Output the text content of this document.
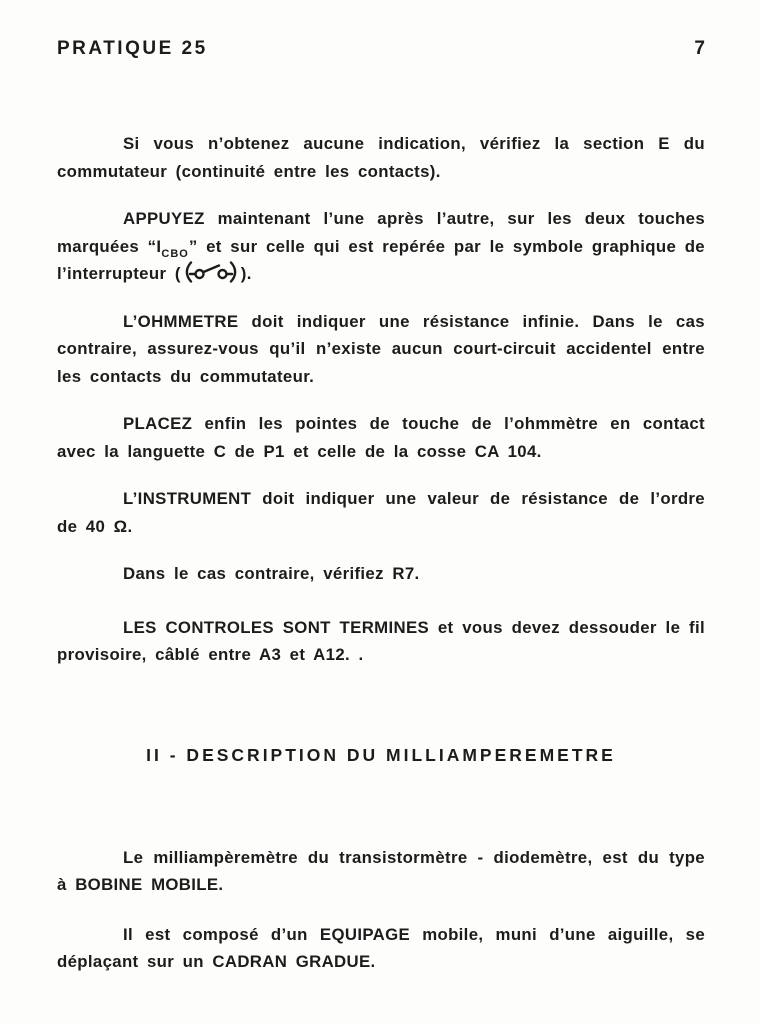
PRATIQUE 25	7

Si vous n’obtenez aucune indication, vérifiez la section E du commutateur (continuité entre les contacts).

APPUYEZ maintenant l’une après l’autre, sur les deux touches marquées “$I_{CBO}$” et sur celle qui est repérée par le symbole graphique de l’interrupteur (	).

L’OHMMETRE doit indiquer une résistance infinie. Dans le cas contraire, assurez-vous qu’il n’existe aucun court-circuit accidentel entre les contacts du commutateur.

PLACEZ enfin les pointes de touche de l’ohmmètre en contact avec la languette C de P1 et celle de la cosse CA 104.

L’INSTRUMENT doit indiquer une valeur de résistance de l’ordre de 40 Ω.

Dans le cas contraire, vérifiez R7.

LES CONTROLES SONT TERMINES et vous devez dessouder le fil provisoire, câblé entre A3 et A12. .

II - DESCRIPTION DU MILLIAMPEREMETRE

Le milliampèremètre du transistormètre - diodemètre, est du type à BOBINE MOBILE.

Il est composé d’un EQUIPAGE mobile, muni d’une aiguille, se déplaçant sur un CADRAN GRADUE.
